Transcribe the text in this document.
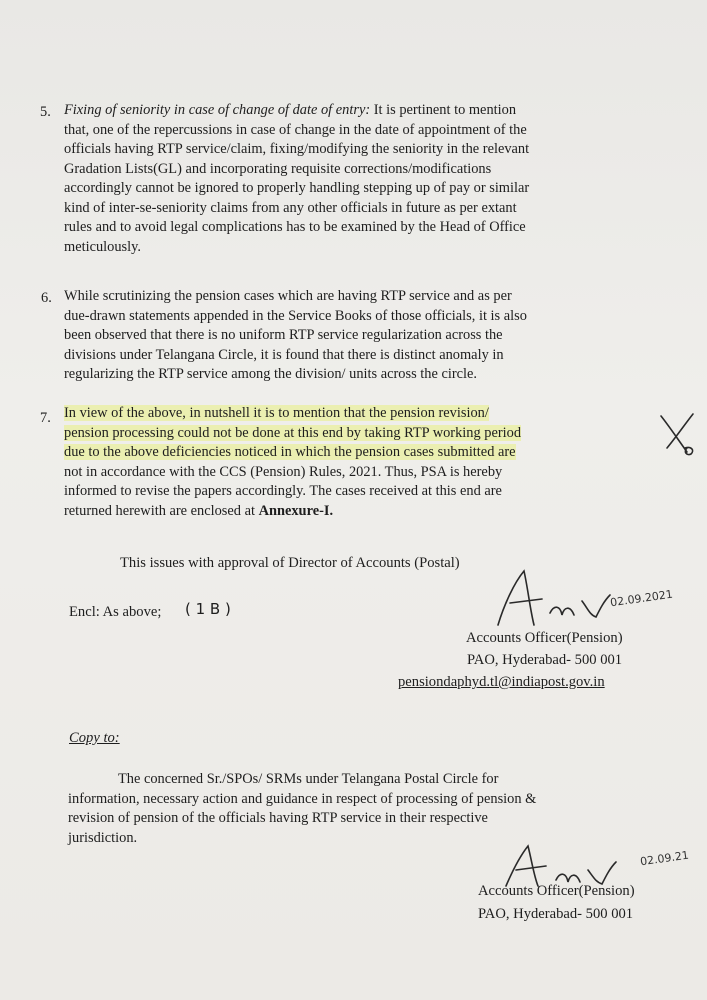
5. Fixing of seniority in case of change of date of entry: It is pertinent to mention
that, one of the repercussions in case of change in the date of appointment of the
officials having RTP service/claim, fixing/modifying the seniority in the relevant
Gradation Lists(GL) and incorporating requisite corrections/modifications
accordingly cannot be ignored to properly handling stepping up of pay or similar
kind of inter-se-seniority claims from any other officials in future as per extant
rules and to avoid legal complications has to be examined by the Head of Office
meticulously.
6. While scrutinizing the pension cases which are having RTP service and as per
due-drawn statements appended in the Service Books of those officials, it is also
been observed that there is no uniform RTP service regularization across the
divisions under Telangana Circle, it is found that there is distinct anomaly in
regularizing the RTP service among the division/ units across the circle.
7. In view of the above, in nutshell it is to mention that the pension revision/
pension processing could not be done at this end by taking RTP working period
due to the above deficiencies noticed in which the pension cases submitted are
not in accordance with the CCS (Pension) Rules, 2021. Thus, PSA is hereby
informed to revise the papers accordingly. The cases received at this end are
returned herewith are enclosed at Annexure-I.
This issues with approval of Director of Accounts (Postal)
Encl: As above; ( 1 B )	02.09.2021
Accounts Officer(Pension)
PAO, Hyderabad- 500 001
pensiondaphyd.tl@indiapost.gov.in
Copy to:
The concerned Sr./SPOs/ SRMs under Telangana Postal Circle for
information, necessary action and guidance in respect of processing of pension &
revision of pension of the officials having RTP service in their respective
jurisdiction.
02.09.21
Accounts Officer(Pension)
PAO, Hyderabad- 500 001
